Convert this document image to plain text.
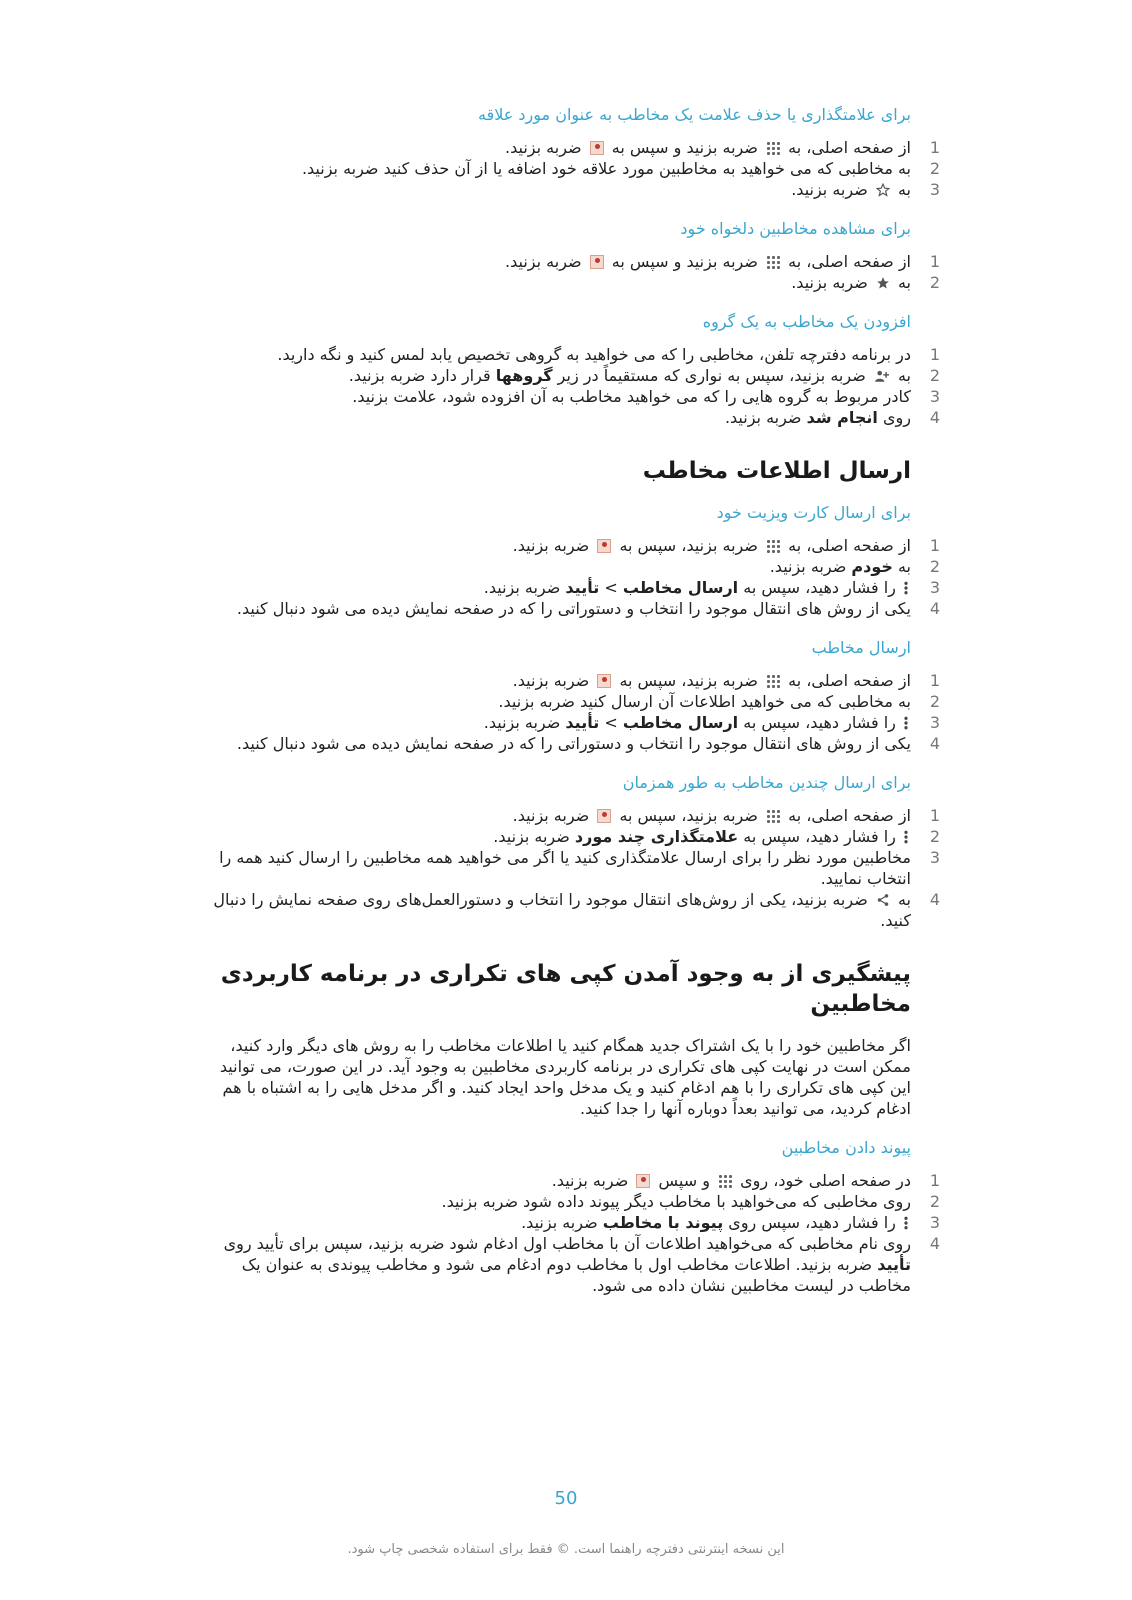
برای علامتگذاری یا حذف علامت یک مخاطب به عنوان مورد علاقه
1
از صفحه اصلی، به  ضربه بزنید و سپس به  ضربه بزنید.
2
به مخاطبی که می خواهید به مخاطبین مورد علاقه خود اضافه یا از آن حذف کنید ضربه بزنید.
3
به  ضربه بزنید.
برای مشاهده مخاطبین دلخواه خود
1
از صفحه اصلی، به  ضربه بزنید و سپس به  ضربه بزنید.
2
به  ضربه بزنید.
افزودن یک مخاطب به یک گروه
1
در برنامه دفترچه تلفن، مخاطبی را که می خواهید به گروهی تخصیص یابد لمس کنید و نگه دارید.
2
به  ضربه بزنید، سپس به نواری که مستقیماً در زیر گروهها قرار دارد ضربه بزنید.
3
کادر مربوط به گروه هایی را که می خواهید مخاطب به آن افزوده شود، علامت بزنید.
4
روی انجام شد ضربه بزنید.
ارسال اطلاعات مخاطب
برای ارسال کارت ویزیت خود
1
از صفحه اصلی، به  ضربه بزنید، سپس به  ضربه بزنید.
2
به خودم ضربه بزنید.
3
را فشار دهید، سپس به ارسال مخاطب > تأیید ضربه بزنید.
4
یکی از روش های انتقال موجود را انتخاب و دستوراتی را که در صفحه نمایش دیده می شود دنبال کنید.
ارسال مخاطب
1
از صفحه اصلی، به  ضربه بزنید، سپس به  ضربه بزنید.
2
به مخاطبی که می خواهید اطلاعات آن ارسال کنید ضربه بزنید.
3
را فشار دهید، سپس به ارسال مخاطب > تأیید ضربه بزنید.
4
یکی از روش های انتقال موجود را انتخاب و دستوراتی را که در صفحه نمایش دیده می شود دنبال کنید.
برای ارسال چندین مخاطب به طور همزمان
1
از صفحه اصلی، به  ضربه بزنید، سپس به  ضربه بزنید.
2
را فشار دهید، سپس به علامتگذاری چند مورد ضربه بزنید.
3
مخاطبین مورد نظر را برای ارسال علامتگذاری کنید یا اگر می خواهید همه مخاطبین را ارسال کنید همه را انتخاب نمایید.
4
به  ضربه بزنید، یکی از روش‌های انتقال موجود را انتخاب و دستورالعمل‌های روی صفحه نمایش را دنبال کنید.
پیشگیری از به وجود آمدن کپی های تکراری در برنامه کاربردی مخاطبین

اگر مخاطبین خود را با یک اشتراک جدید همگام کنید یا اطلاعات مخاطب را به روش های دیگر وارد کنید، ممکن است در نهایت کپی های تکراری در برنامه کاربردی مخاطبین به وجود آید. در این صورت، می توانید این کپی های تکراری را با هم ادغام کنید و یک مدخل واحد ایجاد کنید. و اگر مدخل هایی را به اشتباه با هم ادغام کردید، می توانید بعداً دوباره آنها را جدا کنید.

پیوند دادن مخاطبین
1
در صفحه اصلی خود، روی  و سپس  ضربه بزنید.
2
روی مخاطبی که می‌خواهید با مخاطب دیگر پیوند داده شود ضربه بزنید.
3
را فشار دهید، سپس روی پیوند با مخاطب ضربه بزنید.
4
روی نام مخاطبی که می‌خواهید اطلاعات آن با مخاطب اول ادغام شود ضربه بزنید، سپس برای تأیید روی تأیید ضربه بزنید. اطلاعات مخاطب اول با مخاطب دوم ادغام می شود و مخاطب پیوندی به عنوان یک مخاطب در لیست مخاطبین نشان داده می شود.
50
این نسخه اینترنتی دفترچه راهنما است. © فقط برای استفاده شخصی چاپ شود.
